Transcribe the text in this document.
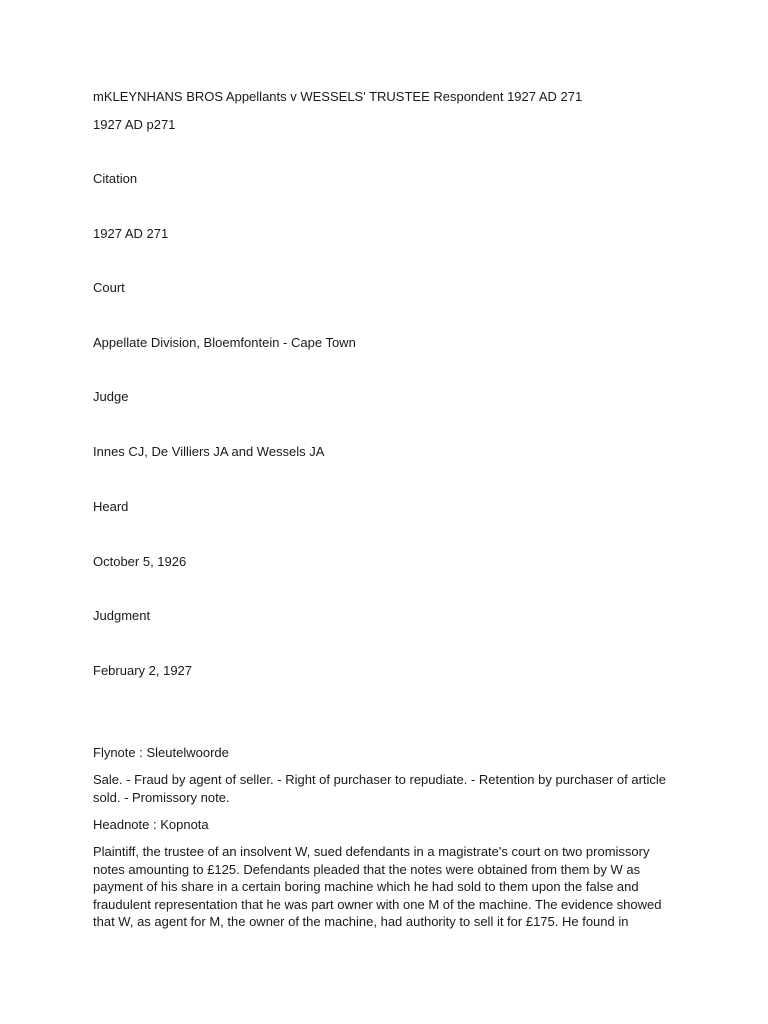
mKLEYNHANS BROS Appellants v WESSELS' TRUSTEE Respondent 1927 AD 271
1927 AD p271
Citation
1927 AD 271
Court
Appellate Division, Bloemfontein - Cape Town
Judge
Innes CJ, De Villiers JA and Wessels JA
Heard
October 5, 1926
Judgment
February 2, 1927
Flynote : Sleutelwoorde
Sale. - Fraud by agent of seller. - Right of purchaser to repudiate. - Retention by purchaser of article sold. - Promissory note.
Headnote : Kopnota
Plaintiff, the trustee of an insolvent W, sued defendants in a magistrate's court on two promissory notes amounting to £125. Defendants pleaded that the notes were obtained from them by W as payment of his share in a certain boring machine which he had sold to them upon the false and fraudulent representation that he was part owner with one M of the machine. The evidence showed that W, as agent for M, the owner of the machine, had authority to sell it for £175. He found in
